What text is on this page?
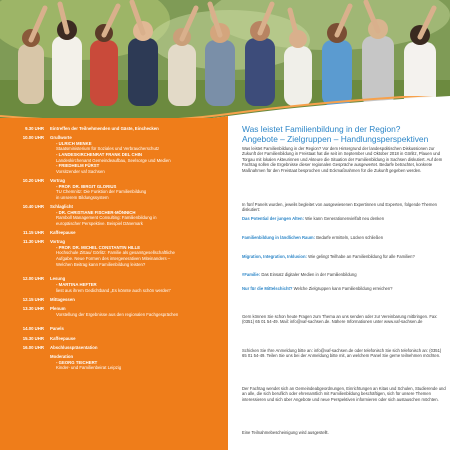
9.30 UHR Eintreffen der Teilnehmenden und Gäste, Einchecken
10.00 UHR Grußworte
- ULRICH MENKE
Staatsministerium für Soziales und Verbraucherschutz
- LANDESKIRCHENRAT FRANK DEL CHIN
Landeskirchenamt Gemeindeaufbau, Seelsorge und Medien
- FRIEDHELM FÜRST
Vorsitzender vaf Sachsen
10.20 UHR Vortrag
- PROF. DR. BIRGIT GLORIUS
TU Chemnitz: Die Funktion der Familienbildung
in unserem Bildungssystem
10.40 UHR Schlaglicht
- DR. CHRISTIANE FISCHER-MÖNNICH
Ramboll Management Consulting: Familienbildung in
europäischer Perspektive. Beispiel Dänemark
11.15 UHR Kaffeepause
11.30 UHR Vortrag
- PROF. DR. MICHEL CONSTANTIN HILLE
Hochschule Zittau/ Görlitz: Familie als gesamtgesellschaftliche
Aufgabe. Neue Formen des intergenerativen Miteinanders –
Welchen Beitrag kann Familienbildung leisten?
12.00 UHR Lesung
- MARTINA HEFTER
liest aus ihrem Gedichtband „Es könnte auch schön werden“
12.15 UHR Mittagessen
13.30 UHR Plenum
Vorstellung der Ergebnisse aus den regionalen Fachgesprächen
14.00 UHR Panels
15.30 UHR Kaffeepause
16.00 UHR Abschlusspräsentation
Moderation
- GEORG TEICHERT
Kinder- und Familienbeirat Leipzig
Was leistet Familienbildung in der Region?
Angebote – Zielgruppen – Handlungsperspektiven
Was leistet Familienbildung in der Region? Vor dem Hintergrund der landespolitischen Diskussionen zur Zukunft der Familienbildung in Freistaat hat die seit im September und Oktober 2018 in Görlitz, Plauen und Torgau mit lokalen Akteurinnen und Akteure die Situation der Familienbildung in Sachsen diskutiert. Auf dem Fachtag sollen die Ergebnisse dieser regionalen Gespräche ausgewertet. Bedarfe betrachtet, konkrete Maßnahmen für den Freistaat besprochen und Eckmaßnahmen für die Zukunft gegeben werden.
In fünf Panels wurden, jeweils begleitet von ausgewiesenen Expertinnen und Experten, folgende Themen diskutiert:
Das Potential der jungen Alten: Wie kann Generationenvielfalt neu denken
Familienbildung in ländlichen Raum: Bedarfe ermitteln, Lücken schließen
Migration, Integration, Inklusion: Wie gelingt Teilhabe an Familienbildung für alle Familien?
#Familie: Das Einsatz digitaler Medien in der Familienbildung
Nur für die Mittelschicht? Welche Zielgruppen kann Familienbildung erreichen?
Gern können Sie schon heute Fragen zum Thema an uns senden oder zur Vereinbarung mitbringen. Fax: (0351) 65 01 54-49. Mail: info@vaf-sachsen.de. Nähere Informationen unter www.vaf-sachsen.de
Schicken Sie Ihre Anmeldung bitte an: info@vaf-sachsen.de oder telefonisch Sie sich telefonisch an: (0351) 65 01 54-49. Teilen Sie uns bei der Anmeldung bitte mit, an welchem Panel Sie gerne teilnehmen möchten.
Der Fachtag wendet sich an Gemeindeabgeordnungen, Einrichtungen an Kitas und Schulen, Studierende und an alle, die sich beruflich oder ehrenamtlich mit Familienbildung beschäftigen, sich für unsere Themen interessieren und sich über Angebote und neue Perspektiven informieren oder sich austauschen möchten.
Eine Teilnahmebescheinigung wird ausgestellt.
